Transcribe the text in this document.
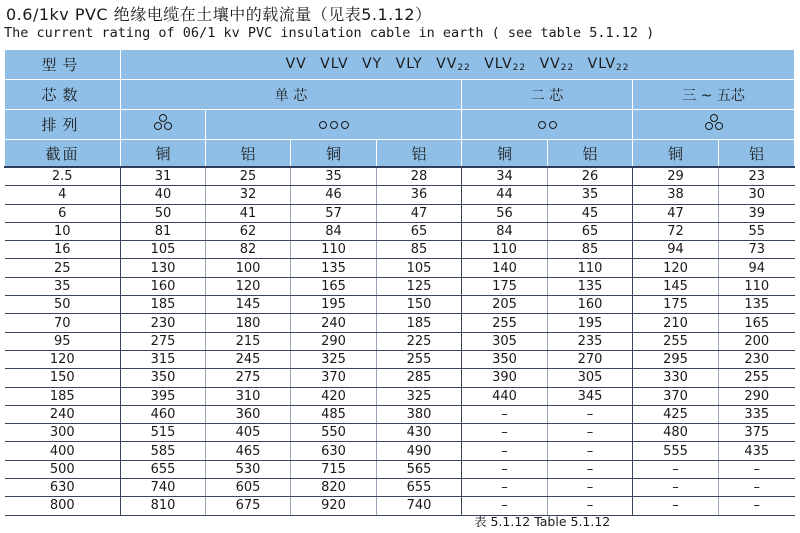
0.6/1kv PVC 绝缘电缆在土壤中的载流量（见表5.1.12）
The current rating of 06/1 kv PVC insulation cable in earth ( see table 5.1.12 )
型号	VV VLV VY VLY $VV_{22}$ $VLV_{22}$ $VV_{22}$ $VLV_{22}$
芯数	单 芯				二 芯		三 ~ 五芯	
排列					

截面	铜	铝	铜	铝	铜	铝	铜	铝
2.5	31	25	35	28	34	26	29	23
4	40	32	46	36	44	35	38	30
6	50	41	57	47	56	45	47	39
10	81	62	84	65	84	65	72	55
16	105	82	110	85	110	85	94	73
25	130	100	135	105	140	110	120	94
35	160	120	165	125	175	135	145	110
50	185	145	195	150	205	160	175	135
70	230	180	240	185	255	195	210	165
95	275	215	290	225	305	235	255	200
120	315	245	325	255	350	270	295	230
150	350	275	370	285	390	305	330	255
185	395	310	420	325	440	345	370	290
240	460	360	485	380	–	–	425	335
300	515	405	550	430	–	–	480	375
400	585	465	630	490	–	–	555	435
500	655	530	715	565	–	–	–	–
630	740	605	820	655	–	–	–	–
800	810	675	920	740	–	–	–	–
表 5.1.12 Table 5.1.12
